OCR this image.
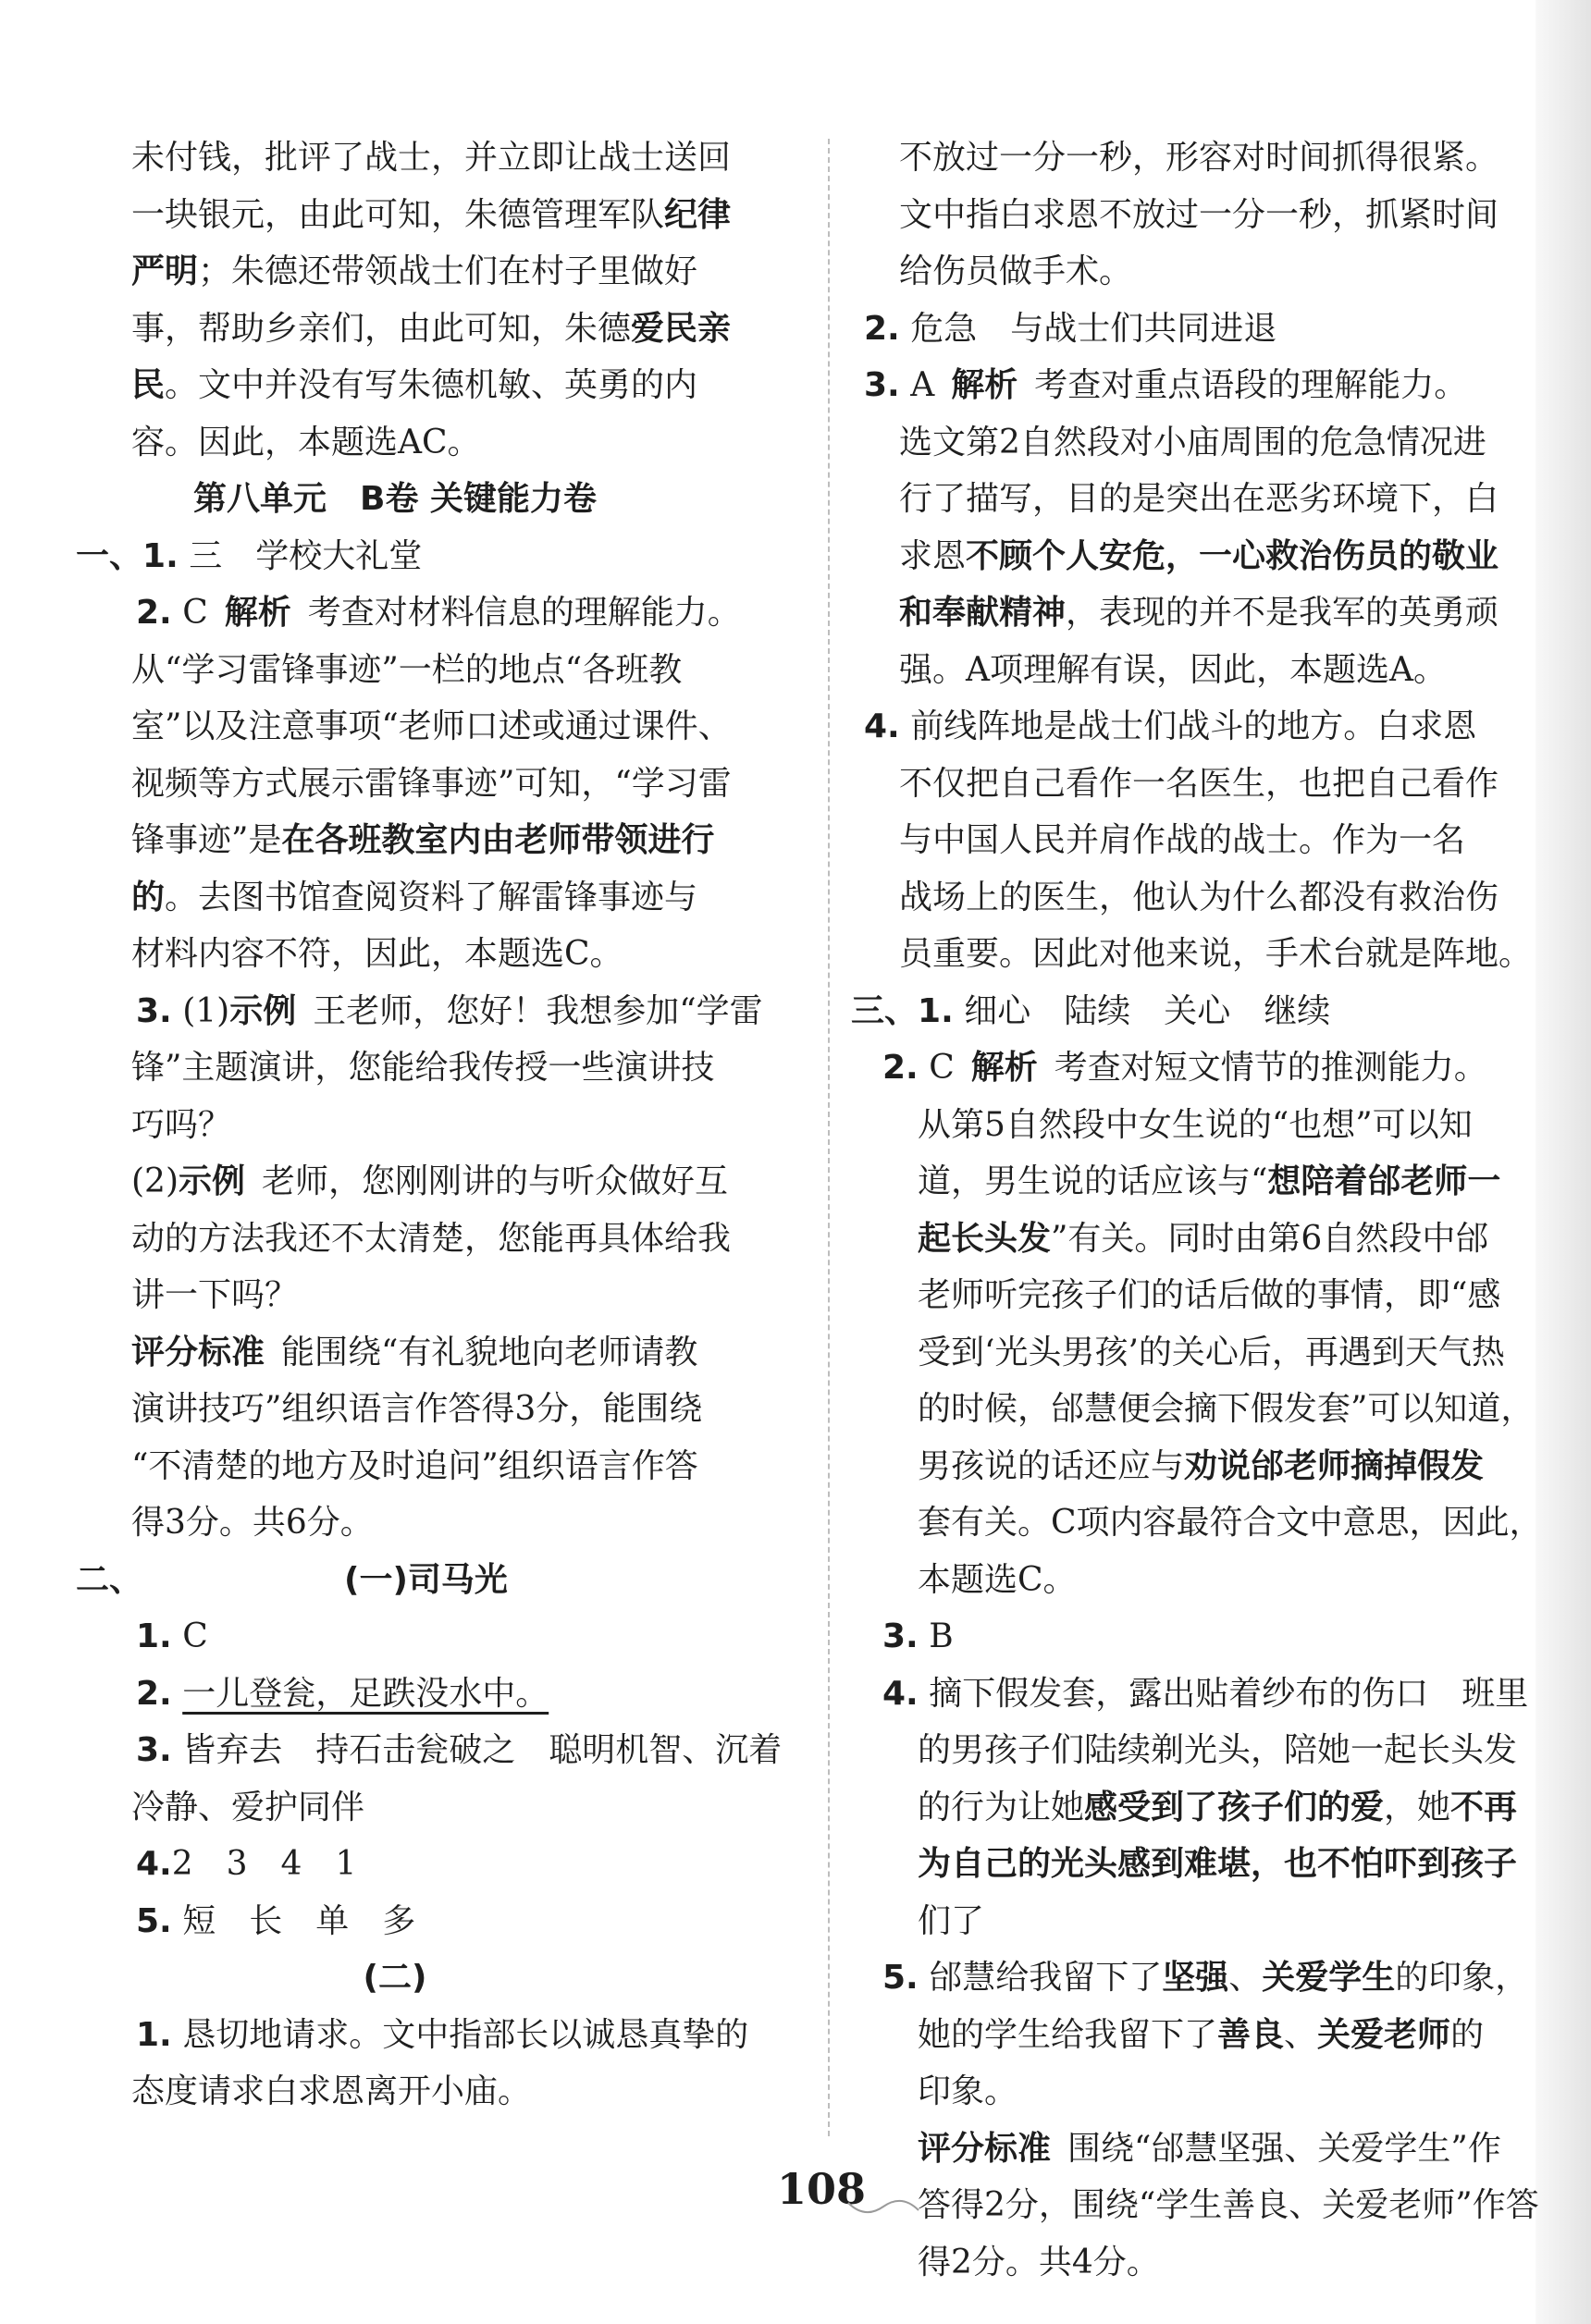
未付钱，批评了战士，并立即让战士送回
一块银元，由此可知，朱德管理军队纪律
严明；朱德还带领战士们在村子里做好
事，帮助乡亲们，由此可知，朱德爱民亲
民。文中并没有写朱德机敏、英勇的内
容。因此，本题选AC。
第八单元　B卷 关键能力卷
一、1. 三　学校大礼堂
2. C 解析 考查对材料信息的理解能力。
从“学习雷锋事迹”一栏的地点“各班教
室”以及注意事项“老师口述或通过课件、
视频等方式展示雷锋事迹”可知，“学习雷
锋事迹”是在各班教室内由老师带领进行
的。去图书馆查阅资料了解雷锋事迹与
材料内容不符，因此，本题选C。
3. (1)示例 王老师，您好！我想参加“学雷
锋”主题演讲，您能给我传授一些演讲技
巧吗？
(2)示例 老师，您刚刚讲的与听众做好互
动的方法我还不太清楚，您能再具体给我
讲一下吗？
评分标准 能围绕“有礼貌地向老师请教
演讲技巧”组织语言作答得3分，能围绕
“不清楚的地方及时追问”组织语言作答
得3分。共6分。
二、	(一)司马光
1. C
2. 一儿登瓮，足跌没水中。
3. 皆弃去　持石击瓮破之　聪明机智、沉着
冷静、爱护同伴
4.2　3　4　1
5. 短　长　单　多
(二)
1. 恳切地请求。文中指部长以诚恳真挚的
态度请求白求恩离开小庙。
不放过一分一秒，形容对时间抓得很紧。
文中指白求恩不放过一分一秒，抓紧时间
给伤员做手术。
2. 危急　与战士们共同进退
3. A 解析 考查对重点语段的理解能力。
选文第2自然段对小庙周围的危急情况进
行了描写，目的是突出在恶劣环境下，白
求恩不顾个人安危，一心救治伤员的敬业
和奉献精神，表现的并不是我军的英勇顽
强。A项理解有误，因此，本题选A。
4. 前线阵地是战士们战斗的地方。白求恩
不仅把自己看作一名医生，也把自己看作
与中国人民并肩作战的战士。作为一名
战场上的医生，他认为什么都没有救治伤
员重要。因此对他来说，手术台就是阵地。
三、1. 细心　陆续　关心　继续
2. C 解析 考查对短文情节的推测能力。
从第5自然段中女生说的“也想”可以知
道，男生说的话应该与“想陪着邰老师一
起长头发”有关。同时由第6自然段中邰
老师听完孩子们的话后做的事情，即“感
受到‘光头男孩’的关心后，再遇到天气热
的时候，邰慧便会摘下假发套”可以知道，
男孩说的话还应与劝说邰老师摘掉假发
套有关。C项内容最符合文中意思，因此，
本题选C。
3. B
4. 摘下假发套，露出贴着纱布的伤口　班里
的男孩子们陆续剃光头，陪她一起长头发
的行为让她感受到了孩子们的爱，她不再
为自己的光头感到难堪，也不怕吓到孩子
们了
5. 邰慧给我留下了坚强、关爱学生的印象，
她的学生给我留下了善良、关爱老师的
印象。
评分标准 围绕“邰慧坚强、关爱学生”作
答得2分，围绕“学生善良、关爱老师”作答
得2分。共4分。
108
